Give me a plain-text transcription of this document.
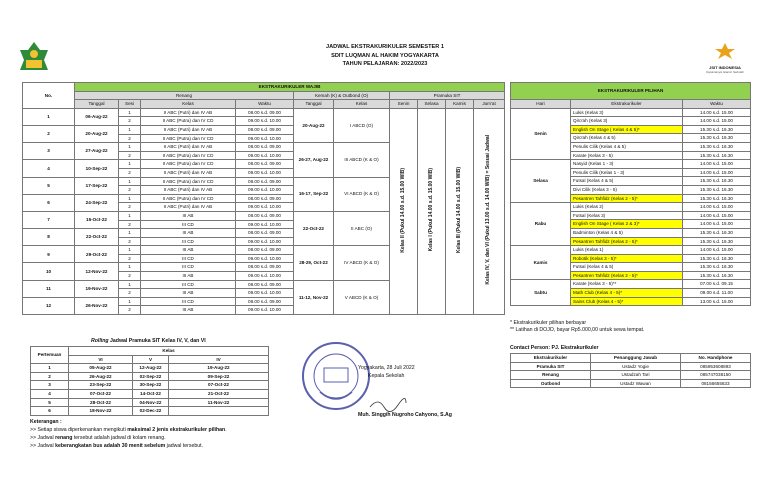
JSIT INDONESIA
Kepanianya Islamic Sekolah
JADWAL EKSTRAKURIKULER SEMESTER 1
SDIT LUQMAN AL HAKIM YOGYAKARTA
TAHUN PELAJARAN: 2022/2023
No.	EKSTRAKURIKULER WAJIB									
	Renang				Kemah (K) & Outbond (O)		Pramuka SIT			
	Tanggal	Sesi	Kelas	Waktu	Tanggal	Kelas	Senin	Selasa	Kamis	Jum'at
1	06-Aug-22	1	II ABC (Putri) dan IV AB	08.00 s.d. 09.00	20-Aug-22	I ABCD (O)	Kelas II (Pukul 14.00 s.d. 15.00 WIB)	Kelas I (Pukul 14.00 s.d. 15.00 WIB)	Kelas III (Pukul 14.00 s.d. 15.00 WIB)	Kelas IV, V, dan VI (Pukul 13.00 s.d. 14.00 WIB) = Sesuai Jadwal
		2	II ABC (Putra) dan IV CD	09.00 s.d. 10.00						
2	20-Aug-22	1	II ABC (Putri) dan IV AB	08.00 s.d. 09.00						
		2	II ABC (Putra) dan IV CD	09.00 s.d. 10.00						
3	27-Aug-22	1	II ABC (Putri) dan IV AB	08.00 s.d. 09.00	26-27, Aug-22	III ABCD (K & O)				
		2	II ABC (Putra) dan IV CD	09.00 s.d. 10.00						
4	10-Sep-22	1	II ABC (Putra) dan IV CD	08.00 s.d. 09.00						
		2	II ABC (Putri) dan IV AB	09.00 s.d. 10.00						
5	17-Sep-22	1	II ABC (Putra) dan IV CD	08.00 s.d. 09.00	16-17, Sep-22	VI ABCD (K & O)				
		2	II ABC (Putri) dan IV AB	09.00 s.d. 10.00						
6	24-Sep-22	1	II ABC (Putra) dan IV CD	08.00 s.d. 09.00						
		2	II ABC (Putri) dan IV AB	09.00 s.d. 10.00						
7	15-Oct-22	1	III AB	08.00 s.d. 09.00	22-Oct-22	II ABC (O)				
		2	III CD	09.00 s.d. 10.00						
8	22-Oct-22	1	III AB	08.00 s.d. 09.00						
		2	III CD	09.00 s.d. 10.00						
9	29-Oct-22	1	III AB	08.00 s.d. 09.00	28-29, Oct-22	IV ABCD (K & O)				
		2	III CD	09.00 s.d. 10.00						
10	12-Nov-22	1	III CD	08.00 s.d. 09.00						
		2	III AB	09.00 s.d. 10.00						
11	19-Nov-22	1	III CD	08.00 s.d. 09.00	11-12, Nov-22	V ABCD (K & O)				
		2	III AB	09.00 s.d. 10.00						
12	26-Nov-22	1	III CD	08.00 s.d. 09.00						
		2	III AB	09.00 s.d. 10.00						
EKSTRAKURIKULER PILIHAN		

Hari	Ekstrakurikuler	Waktu
Senin	Lukis (Kelas 3)	14.00 s.d. 15.00
	Qiro'ah (Kelas 3)	14.00 s.d. 15.00
	English On Stage ( Kelas 4 & 5)*	15.30 s.d. 16.30
	Qiro'ah (Kelas 4 & 5)	15.30 s.d. 16.30
	Penulis Cilik (Kelas 4 & 5)	15.30 s.d. 16.30
	Karate (Kelas 3 - 5)	15.30 s.d. 16.30
Selasa	Nasyid (Kelas 1 - 3)	14.00 s.d. 15.00
	Penulis Cilik (Kelas 1 - 3)	14.00 s.d. 15.00
	Futsal (Kelas 4 & 5)	15.30 s.d. 16.30
	Divi Cilik (Kelas 3 - 5)	15.30 s.d. 16.30
	Pesantren Tahfidz (Kelas 2 - 5)*	15.30 s.d. 16.30
Rabu	Lukis (Kelas 2)	14.00 s.d. 15.00
	Futsal (Kelas 3)	14.00 s.d. 15.00
	English On Stage ( Kelas 2 & 3)*	14.00 s.d. 15.00
	Badminton (Kelas 4 & 5)	15.30 s.d. 16.30
	Pesantren Tahfidz (Kelas 2 - 5)*	15.30 s.d. 16.30
Kamis	Lukis (Kelas 1)	14.00 s.d. 15.00
	Robotik (Kelas 3 - 5)*	15.30 s.d. 16.30
	Futsal (Kelas 4 & 5)	15.30 s.d. 16.30
	Pesantren Tahfidz (Kelas 2 - 5)*	15.30 s.d. 16.30
Sabtu	Karate (Kelas 3 - 5)**	07.00 s.d. 09.15
	Math Club (Kelas 4 - 5)*	09.00 s.d. 11.00
	Sains Club (Kelas 4 - 5)*	13.00 s.d. 15.00
* Ekstrakurikuler pilihan berbayar
** Latihan di DOJO, bayar Rp5.000,00 untuk sewa tempat.
Rolling Jadwal Pramuka SIT Kelas IV, V, dan VI
Pertemuan	Kelas		
	VI	V	IV
1	05-Aug-22	12-Aug-22	19-Aug-22
2	26-Aug-22	02-Sep-22	09-Sep-22
3	23-Sep-22	30-Sep-22	07-Oct-22
4	07-Oct-22	14-Oct-22	21-Oct-22
5	28-Oct-22	04-Nov-22	11-Nov-22
6	18-Nov-22	02-Dec-22	
Yogyakarta, 28 Juli 2022
Kepala Sekolah
Muh. Singgih Nugroho Cahyono, S.Ag
Contact Person: PJ. Ekstrakurikuler
Ekstrakurikuler	Penanggung Jawab	No. Handphone
Pramuka SIT	Ustadz Yogie	085953608893
Renang	Ustadzah Tari	085747038150
Outbond	Ustadz Wawan	08156655633
Keterangan :
>> Setiap siswa diperkenankan mengikuti maksimal 2 jenis ekstrakurikuler pilihan.
>> Jadwal renang tersebut adalah jadwal di kolam renang.
>> Jadwal keberangkatan bus adalah 30 menit sebelum jadwal tersebut.
